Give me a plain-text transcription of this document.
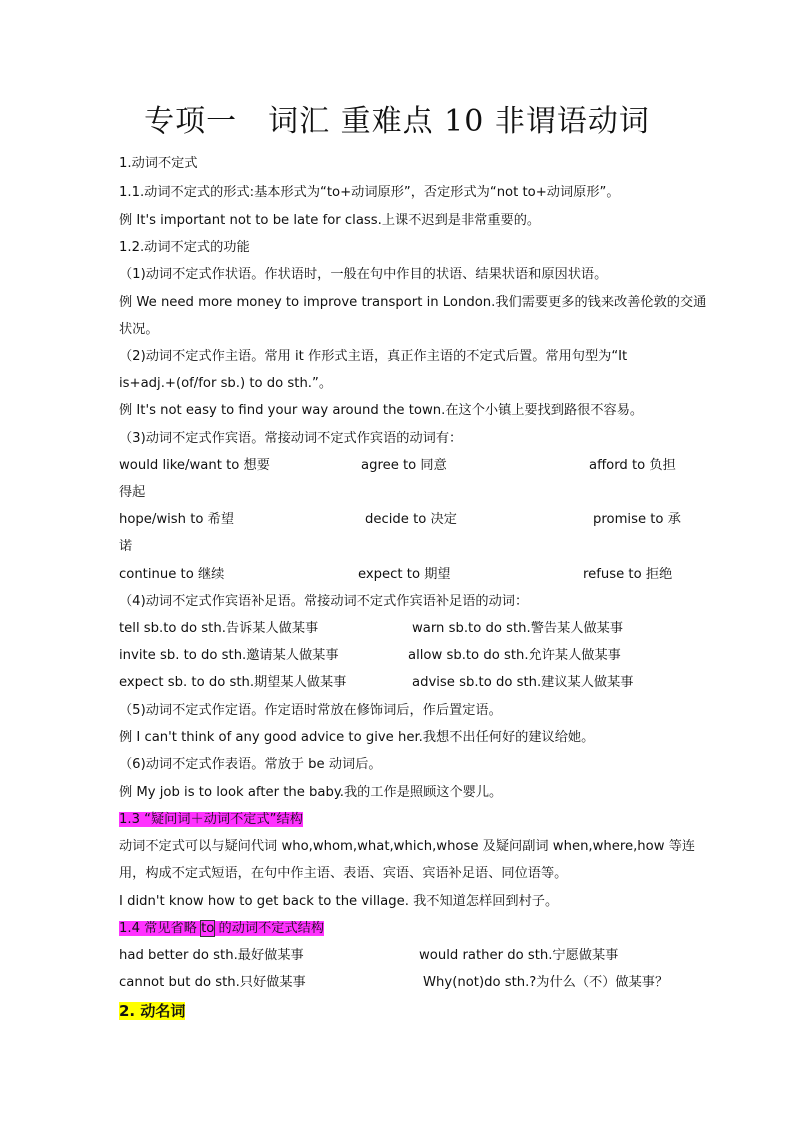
专项一　词汇 重难点 10 非谓语动词
1.动词不定式
1.1.动词不定式的形式:基本形式为“to+动词原形”，否定形式为“not to+动词原形”。
例 It's important not to be late for class.上课不迟到是非常重要的。
1.2.动词不定式的功能
（1)动词不定式作状语。作状语时，一般在句中作目的状语、结果状语和原因状语。
例 We need more money to improve transport in London.我们需要更多的钱来改善伦敦的交通
状况。
（2)动词不定式作主语。常用 it 作形式主语，真正作主语的不定式后置。常用句型为“It
is+adj.+(of/for sb.) to do sth.”。
例 It's not easy to find your way around the town.在这个小镇上要找到路很不容易。
（3)动词不定式作宾语。常接动词不定式作宾语的动词有：
would like/want to 想要	agree to 同意	afford to 负担
得起
hope/wish to 希望	decide to 决定	promise to 承
诺
continue to 继续	expect to 期望	refuse to 拒绝
（4)动词不定式作宾语补足语。常接动词不定式作宾语补足语的动词：
tell sb.to do sth.告诉某人做某事	warn sb.to do sth.警告某人做某事
invite sb. to do sth.邀请某人做某事	allow sb.to do sth.允许某人做某事
expect sb. to do sth.期望某人做某事	advise sb.to do sth.建议某人做某事
（5)动词不定式作定语。作定语时常放在修饰词后，作后置定语。
例 I can't think of any good advice to give her.我想不出任何好的建议给她。
（6)动词不定式作表语。常放于 be 动词后。
例 My job is to look after the baby.我的工作是照顾这个婴儿。
1.3 “疑问词＋动词不定式”结构
动词不定式可以与疑问代词 who,whom,what,which,whose 及疑问副词 when,where,how 等连
用，构成不定式短语，在句中作主语、表语、宾语、宾语补足语、同位语等。
I didn't know how to get back to the village. 我不知道怎样回到村子。
1.4 常见省略 to 的动词不定式结构
had better do sth.最好做某事	would rather do sth.宁愿做某事
cannot but do sth.只好做某事	Why(not)do sth.?为什么（不）做某事？
2. 动名词
